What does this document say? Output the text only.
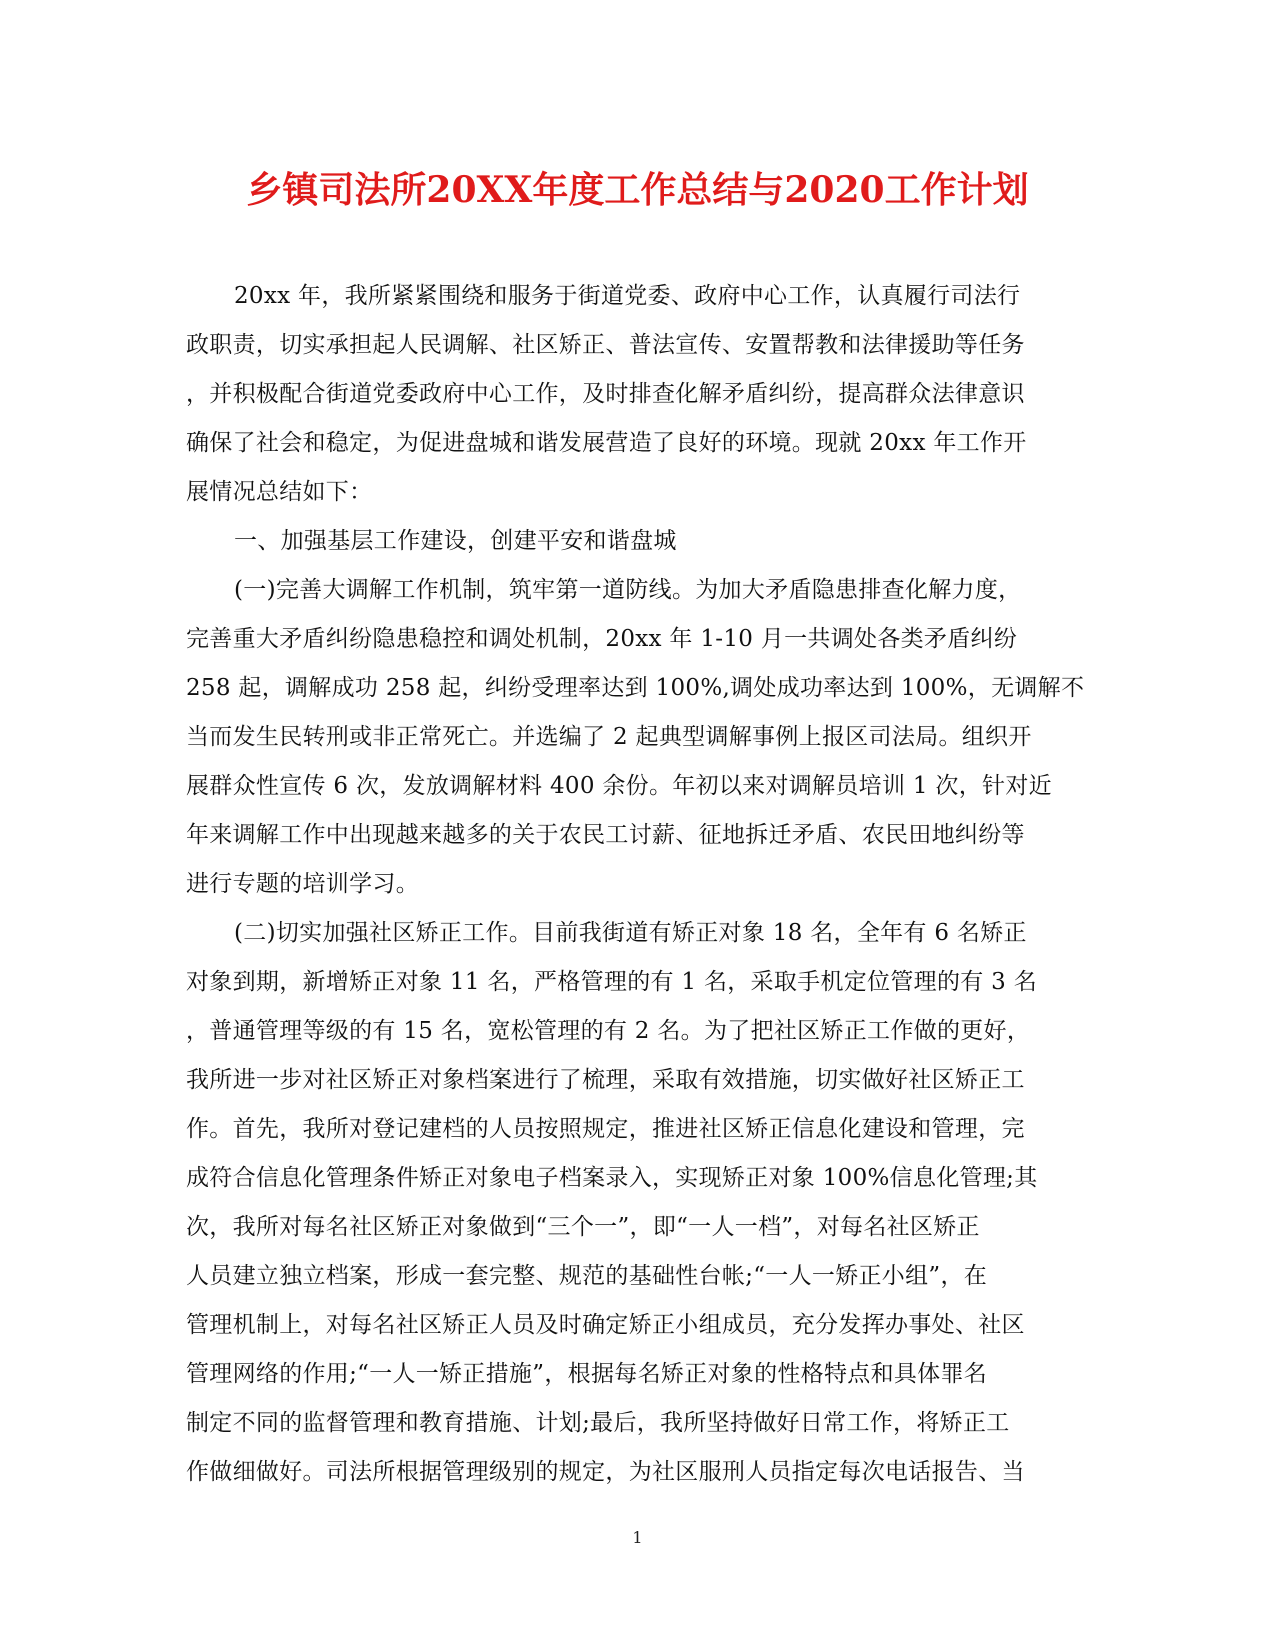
乡镇司法所20XX年度工作总结与2020工作计划
20xx 年，我所紧紧围绕和服务于街道党委、政府中心工作，认真履行司法行
政职责，切实承担起人民调解、社区矫正、普法宣传、安置帮教和法律援助等任务
，并积极配合街道党委政府中心工作，及时排查化解矛盾纠纷，提高群众法律意识
确保了社会和稳定，为促进盘城和谐发展营造了良好的环境。现就 20xx 年工作开
展情况总结如下：
一、加强基层工作建设，创建平安和谐盘城
(一)完善大调解工作机制，筑牢第一道防线。为加大矛盾隐患排查化解力度，
完善重大矛盾纠纷隐患稳控和调处机制，20xx 年 1-10 月一共调处各类矛盾纠纷
258 起，调解成功 258 起，纠纷受理率达到 100%,调处成功率达到 100%，无调解不
当而发生民转刑或非正常死亡。并选编了 2 起典型调解事例上报区司法局。组织开
展群众性宣传 6 次，发放调解材料 400 余份。年初以来对调解员培训 1 次，针对近
年来调解工作中出现越来越多的关于农民工讨薪、征地拆迁矛盾、农民田地纠纷等
进行专题的培训学习。
(二)切实加强社区矫正工作。目前我街道有矫正对象 18 名，全年有 6 名矫正
对象到期，新增矫正对象 11 名，严格管理的有 1 名，采取手机定位管理的有 3 名
，普通管理等级的有 15 名，宽松管理的有 2 名。为了把社区矫正工作做的更好，
我所进一步对社区矫正对象档案进行了梳理，采取有效措施，切实做好社区矫正工
作。首先，我所对登记建档的人员按照规定，推进社区矫正信息化建设和管理，完
成符合信息化管理条件矫正对象电子档案录入，实现矫正对象 100%信息化管理;其
次，我所对每名社区矫正对象做到“三个一”，即“一人一档”，对每名社区矫正
人员建立独立档案，形成一套完整、规范的基础性台帐;“一人一矫正小组”，在
管理机制上，对每名社区矫正人员及时确定矫正小组成员，充分发挥办事处、社区
管理网络的作用;“一人一矫正措施”，根据每名矫正对象的性格特点和具体罪名
制定不同的监督管理和教育措施、计划;最后，我所坚持做好日常工作，将矫正工
作做细做好。司法所根据管理级别的规定，为社区服刑人员指定每次电话报告、当
1
